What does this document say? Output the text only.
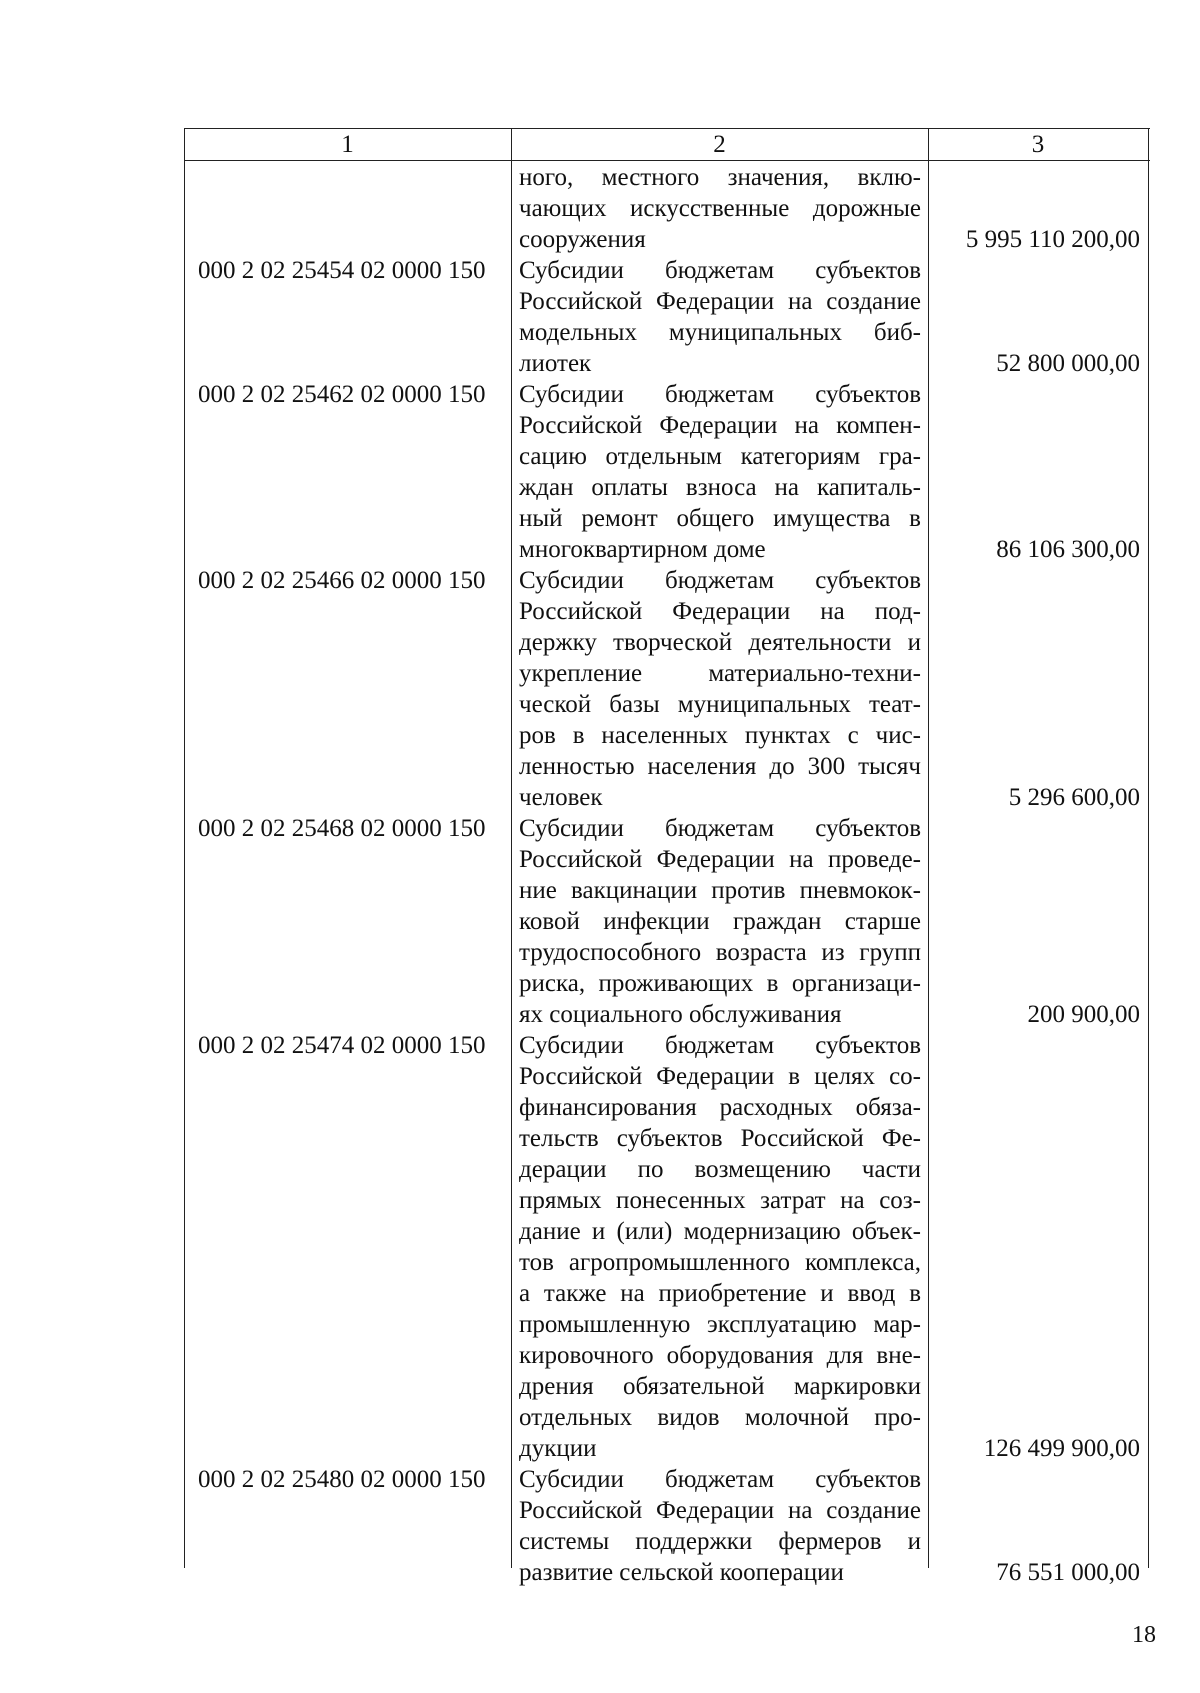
1	2	3
ного, местного значения, вклю-
чающих искусственные дорожные
сооружения	5 995 110 200,00
000 2 02 25454 02 0000 150 Субсидии бюджетам субъектов
Российской Федерации на создание
модельных муниципальных биб-
лиотек	52 800 000,00
000 2 02 25462 02 0000 150 Субсидии бюджетам субъектов
Российской Федерации на компен-
сацию отдельным категориям гра-
ждан оплаты взноса на капиталь-
ный ремонт общего имущества в
многоквартирном доме	86 106 300,00
000 2 02 25466 02 0000 150 Субсидии бюджетам субъектов
Российской Федерации на под-
держку творческой деятельности и
укрепление материально-техни-
ческой базы муниципальных теат-
ров в населенных пунктах с чис-
ленностью населения до 300 тысяч
человек	5 296 600,00
000 2 02 25468 02 0000 150 Субсидии бюджетам субъектов
Российской Федерации на проведе-
ние вакцинации против пневмокок-
ковой инфекции граждан старше
трудоспособного возраста из групп
риска, проживающих в организаци-
ях социального обслуживания	200 900,00
000 2 02 25474 02 0000 150 Субсидии бюджетам субъектов
Российской Федерации в целях со-
финансирования расходных обяза-
тельств субъектов Российской Фе-
дерации по возмещению части
прямых понесенных затрат на соз-
дание и (или) модернизацию объек-
тов агропромышленного комплекса,
а также на приобретение и ввод в
промышленную эксплуатацию мар-
кировочного оборудования для вне-
дрения обязательной маркировки
отдельных видов молочной про-
дукции	126 499 900,00
000 2 02 25480 02 0000 150 Субсидии бюджетам субъектов
Российской Федерации на создание
системы поддержки фермеров и
развитие сельской кооперации	76 551 000,00
18
